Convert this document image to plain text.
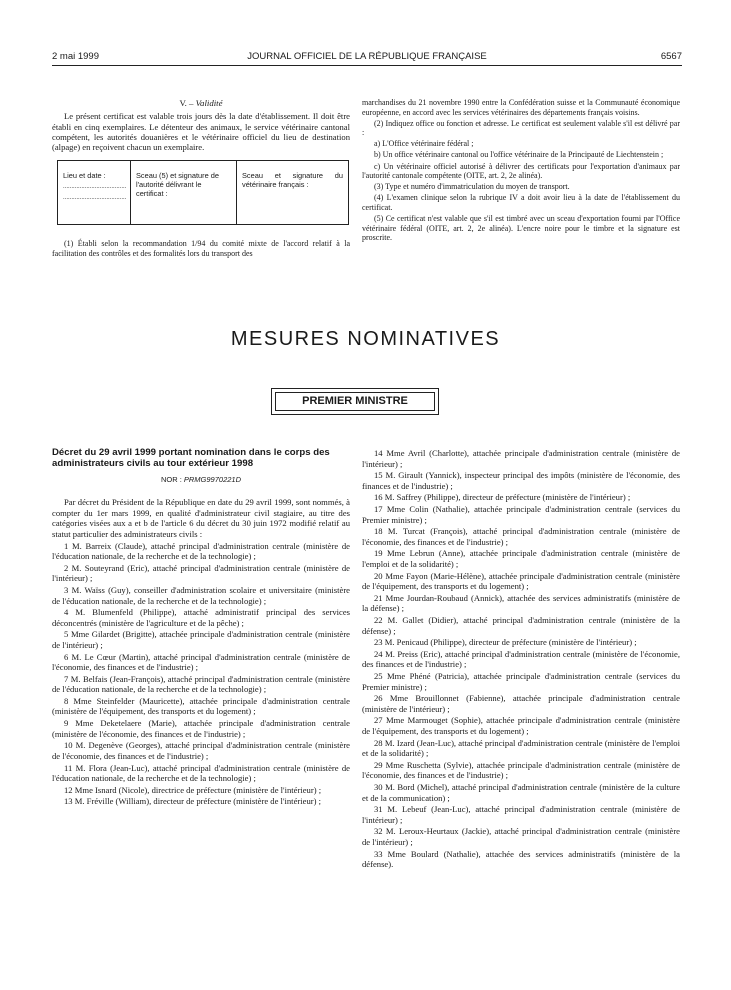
2 mai 1999	JOURNAL OFFICIEL DE LA RÉPUBLIQUE FRANÇAISE	6567
V. – Validité

Le présent certificat est valable trois jours dès la date d'établissement. Il doit être établi en cinq exemplaires. Le détenteur des animaux, le service vétérinaire cantonal compétent, les autorités douanières et le vétérinaire officiel du lieu de destination (alpage) en reçoivent chacun un exemplaire.

Lieu et date :
......................................
......................................
Sceau (5) et signature de l'autorité délivrant le certificat :
Sceau et signature du vétérinaire français :

(1) Établi selon la recommandation 1/94 du comité mixte de l'accord relatif à la facilitation des contrôles et des formalités lors du transport des

marchandises du 21 novembre 1990 entre la Confédération suisse et la Communauté économique européenne, en accord avec les services vétérinaires des départements français voisins.

(2) Indiquez office ou fonction et adresse. Le certificat est seulement valable s'il est délivré par :

a) L'Office vétérinaire fédéral ;

b) Un office vétérinaire cantonal ou l'office vétérinaire de la Principauté de Liechtenstein ;

c) Un vétérinaire officiel autorisé à délivrer des certificats pour l'exportation d'animaux par l'autorité cantonale compétente (OITE, art. 2, 2e alinéa).

(3) Type et numéro d'immatriculation du moyen de transport.

(4) L'examen clinique selon la rubrique IV a doit avoir lieu à la date de l'établissement du certificat.

(5) Ce certificat n'est valable que s'il est timbré avec un sceau d'exportation fourni par l'Office vétérinaire fédéral (OITE, art. 2, 2e alinéa). L'encre noire pour le timbre et la signature est proscrite.

MESURES NOMINATIVES
PREMIER MINISTRE
Décret du 29 avril 1999 portant nomination dans le corps des administrateurs civils au tour extérieur 1998
NOR : PRMG9970221D

Par décret du Président de la République en date du 29 avril 1999, sont nommés, à compter du 1er mars 1999, en qualité d'administrateur civil stagiaire, au titre des catégories visées aux a et b de l'article 6 du décret du 30 juin 1972 modifié relatif au statut particulier des administrateurs civils :

1 M. Barreix (Claude), attaché principal d'administration centrale (ministère de l'éducation nationale, de la recherche et de la technologie) ;

2 M. Souteyrand (Eric), attaché principal d'administration centrale (ministère de l'intérieur) ;

3 M. Waïss (Guy), conseiller d'administration scolaire et universitaire (ministère de l'éducation nationale, de la recherche et de la technologie) ;

4 M. Blumenfeld (Philippe), attaché administratif principal des services déconcentrés (ministère de l'agriculture et de la pêche) ;

5 Mme Gilardet (Brigitte), attachée principale d'administration centrale (ministère de l'intérieur) ;

6 M. Le Cœur (Martin), attaché principal d'administration centrale (ministère de l'économie, des finances et de l'industrie) ;

7 M. Belfais (Jean-François), attaché principal d'administration centrale (ministère de l'éducation nationale, de la recherche et de la technologie) ;

8 Mme Steinfelder (Mauricette), attachée principale d'administration centrale (ministère de l'équipement, des transports et du logement) ;

9 Mme Deketelaere (Marie), attachée principale d'administration centrale (ministère de l'économie, des finances et de l'industrie) ;

10 M. Degenève (Georges), attaché principal d'administration centrale (ministère de l'économie, des finances et de l'industrie) ;

11 M. Flora (Jean-Luc), attaché principal d'administration centrale (ministère de l'éducation nationale, de la recherche et de la technologie) ;

12 Mme Isnard (Nicole), directrice de préfecture (ministère de l'intérieur) ;

13 M. Fréville (William), directeur de préfecture (ministère de l'intérieur) ;

14 Mme Avril (Charlotte), attachée principale d'administration centrale (ministère de l'intérieur) ;

15 M. Girault (Yannick), inspecteur principal des impôts (ministère de l'économie, des finances et de l'industrie) ;

16 M. Saffrey (Philippe), directeur de préfecture (ministère de l'intérieur) ;

17 Mme Colin (Nathalie), attachée principale d'administration centrale (services du Premier ministre) ;

18 M. Turcat (François), attaché principal d'administration centrale (ministère de l'économie, des finances et de l'industrie) ;

19 Mme Lebrun (Anne), attachée principale d'administration centrale (ministère de l'emploi et de la solidarité) ;

20 Mme Fayon (Marie-Hélène), attachée principale d'administration centrale (ministère de l'équipement, des transports et du logement) ;

21 Mme Jourdan-Roubaud (Annick), attachée des services administratifs (ministère de la défense) ;

22 M. Gallet (Didier), attaché principal d'administration centrale (ministère de la défense) ;

23 M. Penicaud (Philippe), directeur de préfecture (ministère de l'intérieur) ;

24 M. Preiss (Eric), attaché principal d'administration centrale (ministère de l'économie, des finances et de l'industrie) ;

25 Mme Phéné (Patricia), attachée principale d'administration centrale (services du Premier ministre) ;

26 Mme Brouillonnet (Fabienne), attachée principale d'administration centrale (ministère de l'intérieur) ;

27 Mme Marmouget (Sophie), attachée principale d'administration centrale (ministère de l'équipement, des transports et du logement) ;

28 M. Izard (Jean-Luc), attaché principal d'administration centrale (ministère de l'emploi et de la solidarité) ;

29 Mme Ruschetta (Sylvie), attachée principale d'administration centrale (ministère de l'économie, des finances et de l'industrie) ;

30 M. Bord (Michel), attaché principal d'administration centrale (ministère de la culture et de la communication) ;

31 M. Lebeuf (Jean-Luc), attaché principal d'administration centrale (ministère de l'intérieur) ;

32 M. Leroux-Heurtaux (Jackie), attaché principal d'administration centrale (ministère de l'intérieur) ;

33 Mme Boulard (Nathalie), attachée des services administratifs (ministère de la défense).
